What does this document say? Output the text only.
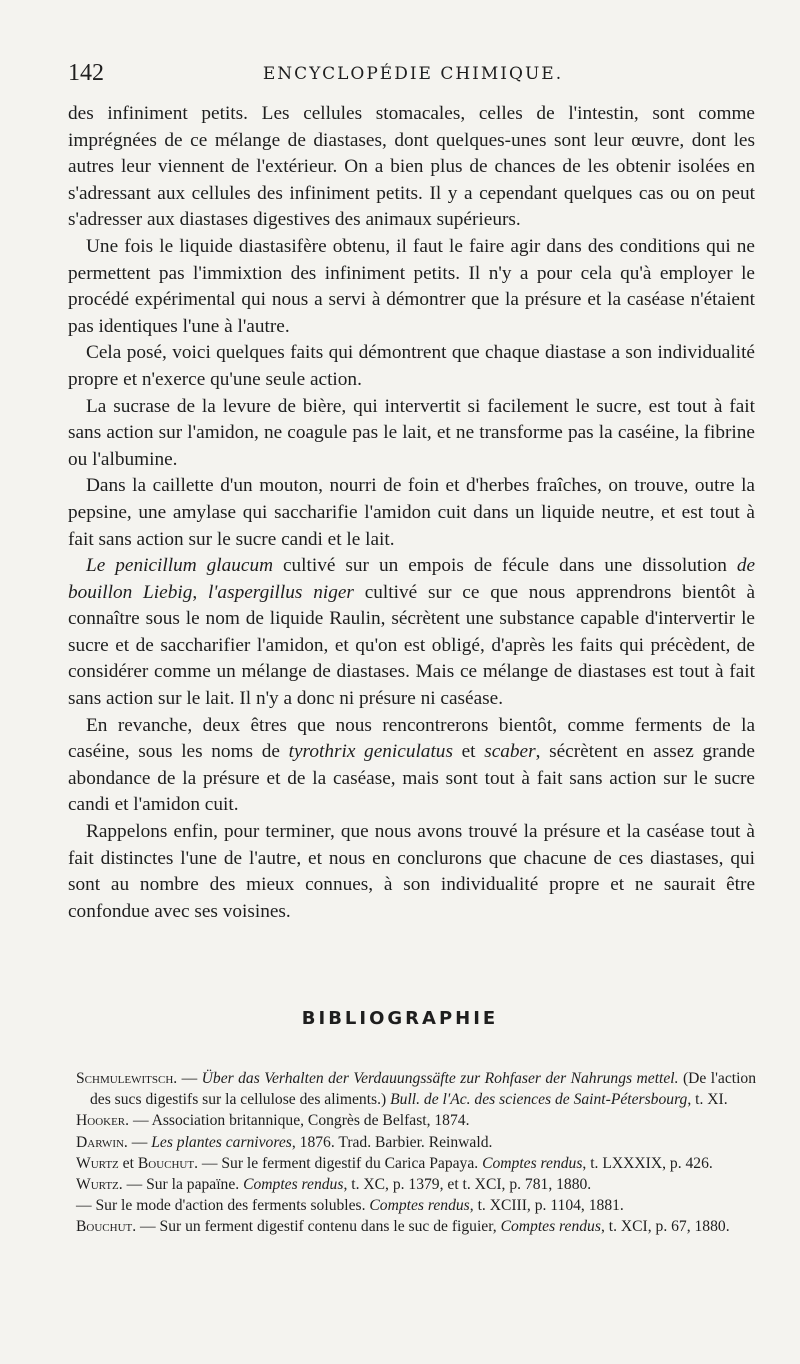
142	ENCYCLOPÉDIE CHIMIQUE.

des infiniment petits. Les cellules stomacales, celles de l'intestin, sont comme imprégnées de ce mélange de diastases, dont quelques-unes sont leur œuvre, dont les autres leur viennent de l'extérieur. On a bien plus de chances de les obtenir isolées en s'adressant aux cellules des infiniment petits. Il y a cependant quelques cas ou on peut s'adresser aux diastases digestives des animaux supérieurs.

Une fois le liquide diastasifère obtenu, il faut le faire agir dans des conditions qui ne permettent pas l'immixtion des infiniment petits. Il n'y a pour cela qu'à employer le procédé expérimental qui nous a servi à démontrer que la présure et la caséase n'étaient pas identiques l'une à l'autre.

Cela posé, voici quelques faits qui démontrent que chaque diastase a son individualité propre et n'exerce qu'une seule action.

La sucrase de la levure de bière, qui intervertit si facilement le sucre, est tout à fait sans action sur l'amidon, ne coagule pas le lait, et ne transforme pas la caséine, la fibrine ou l'albumine.

Dans la caillette d'un mouton, nourri de foin et d'herbes fraîches, on trouve, outre la pepsine, une amylase qui saccharifie l'amidon cuit dans un liquide neutre, et est tout à fait sans action sur le sucre candi et le lait.

Le penicillum glaucum cultivé sur un empois de fécule dans une dissolution de bouillon Liebig, l'aspergillus niger cultivé sur ce que nous apprendrons bientôt à connaître sous le nom de liquide Raulin, sécrètent une substance capable d'intervertir le sucre et de saccharifier l'amidon, et qu'on est obligé, d'après les faits qui précèdent, de considérer comme un mélange de diastases. Mais ce mélange de diastases est tout à fait sans action sur le lait. Il n'y a donc ni présure ni caséase.

En revanche, deux êtres que nous rencontrerons bientôt, comme ferments de la caséine, sous les noms de tyrothrix geniculatus et scaber, sécrètent en assez grande abondance de la présure et de la caséase, mais sont tout à fait sans action sur le sucre candi et l'amidon cuit.

Rappelons enfin, pour terminer, que nous avons trouvé la présure et la caséase tout à fait distinctes l'une de l'autre, et nous en conclurons que chacune de ces diastases, qui sont au nombre des mieux connues, à son individualité propre et ne saurait être confondue avec ses voisines.

BIBLIOGRAPHIE

Schmulewitsch. — Über das Verhalten der Verdauungssäfte zur Rohfaser der Nahrungs mettel. (De l'action des sucs digestifs sur la cellulose des aliments.) Bull. de l'Ac. des sciences de Saint-Pétersbourg, t. XI.

Hooker. — Association britannique, Congrès de Belfast, 1874.

Darwin. — Les plantes carnivores, 1876. Trad. Barbier. Reinwald.

Wurtz et Bouchut. — Sur le ferment digestif du Carica Papaya. Comptes rendus, t. LXXXIX, p. 426.

Wurtz. — Sur la papaïne. Comptes rendus, t. XC, p. 1379, et t. XCI, p. 781, 1880.

— Sur le mode d'action des ferments solubles. Comptes rendus, t. XCIII, p. 1104, 1881.

Bouchut. — Sur un ferment digestif contenu dans le suc de figuier, Comptes rendus, t. XCI, p. 67, 1880.
